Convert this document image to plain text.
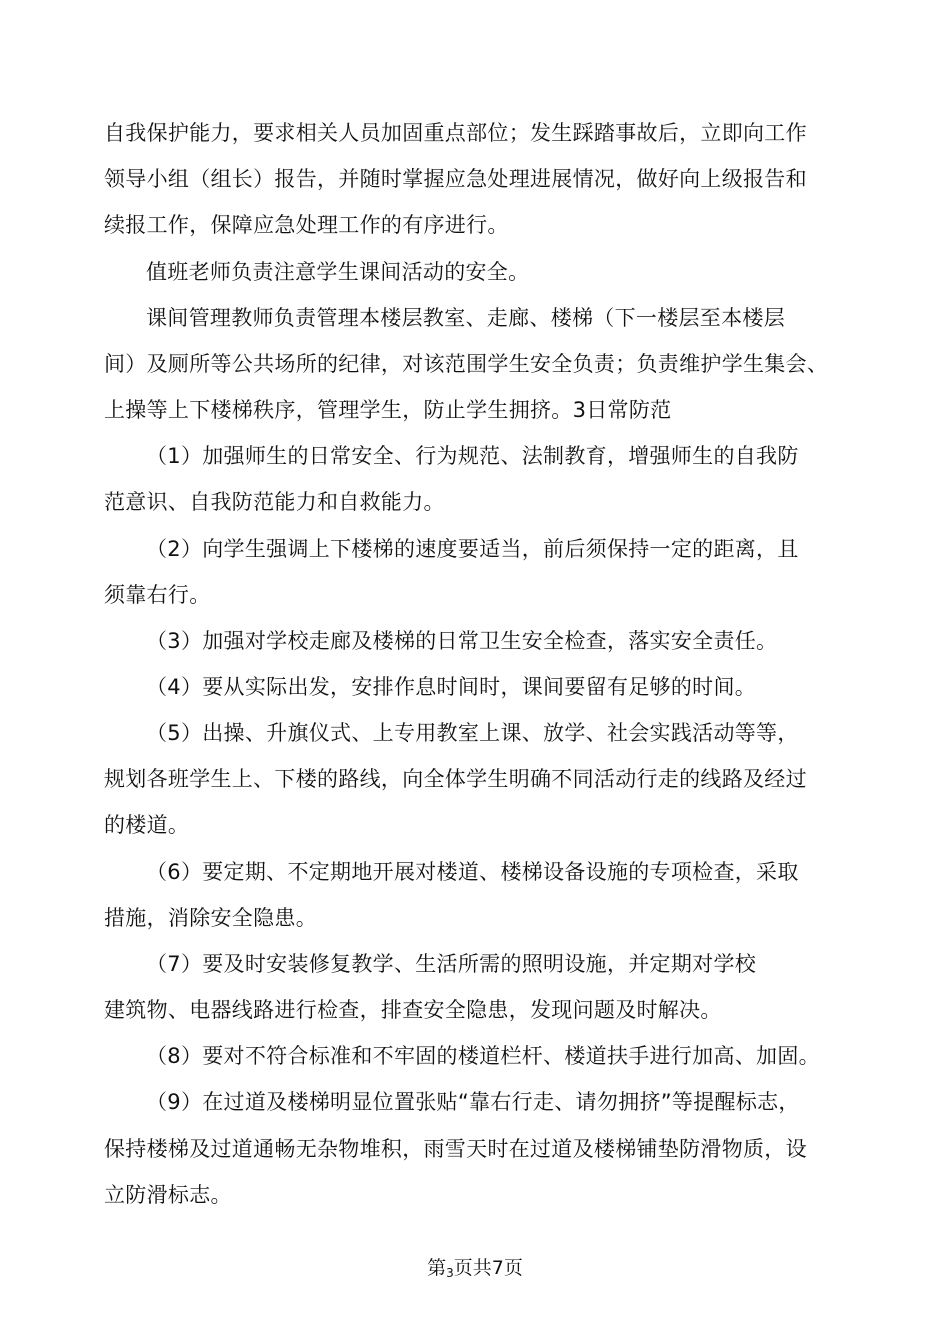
自我保护能力，要求相关人员加固重点部位；发生踩踏事故后，立即向工作
领导小组（组长）报告，并随时掌握应急处理进展情况，做好向上级报告和
续报工作，保障应急处理工作的有序进行。
值班老师负责注意学生课间活动的安全。
课间管理教师负责管理本楼层教室、走廊、楼梯（下一楼层至本楼层
间）及厕所等公共场所的纪律，对该范围学生安全负责；负责维护学生集会、
上操等上下楼梯秩序，管理学生，防止学生拥挤。3日常防范
（1）加强师生的日常安全、行为规范、法制教育，增强师生的自我防
范意识、自我防范能力和自救能力。
（2）向学生强调上下楼梯的速度要适当，前后须保持一定的距离，且
须靠右行。
（3）加强对学校走廊及楼梯的日常卫生安全检查，落实安全责任。
（4）要从实际出发，安排作息时间时，课间要留有足够的时间。
（5）出操、升旗仪式、上专用教室上课、放学、社会实践活动等等，
规划各班学生上、下楼的路线，向全体学生明确不同活动行走的线路及经过
的楼道。
（6）要定期、不定期地开展对楼道、楼梯设备设施的专项检查，采取
措施，消除安全隐患。
（7）要及时安装修复教学、生活所需的照明设施，并定期对学校
建筑物、电器线路进行检查，排查安全隐患，发现问题及时解决。
（8）要对不符合标准和不牢固的楼道栏杆、楼道扶手进行加高、加固。
（9）在过道及楼梯明显位置张贴“靠右行走、请勿拥挤”等提醒标志，
保持楼梯及过道通畅无杂物堆积，雨雪天时在过道及楼梯铺垫防滑物质，设
立防滑标志。
第3页共7页
